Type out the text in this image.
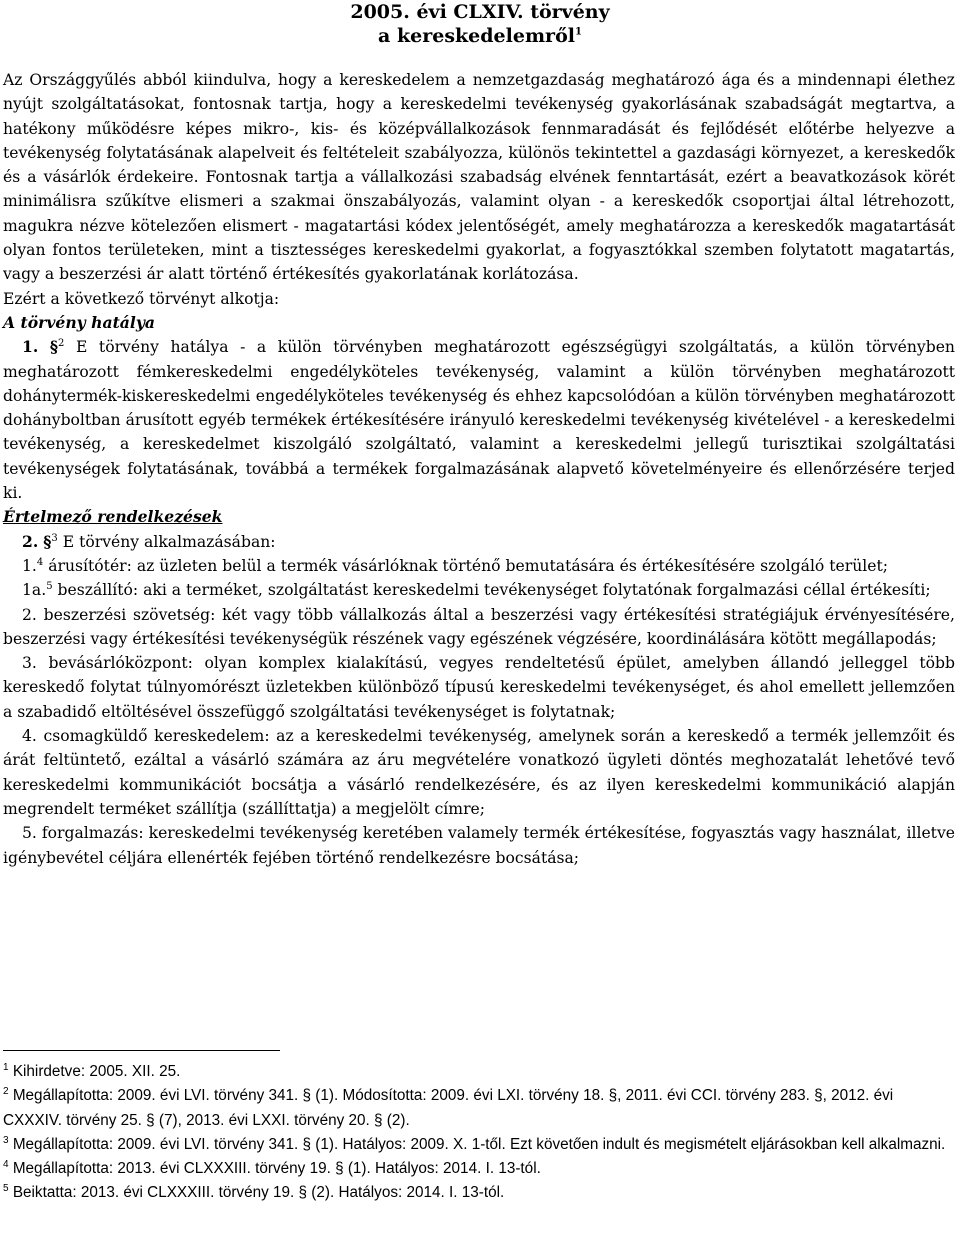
2005. évi CLXIV. törvény
a kereskedelemről$^1$

Az Országgyűlés abból kiindulva, hogy a kereskedelem a nemzetgazdaság meghatározó ága és a mindennapi élethez nyújt szolgáltatásokat, fontosnak tartja, hogy a kereskedelmi tevékenység gyakorlásának szabadságát megtartva, a hatékony működésre képes mikro-, kis- és középvállalkozások fennmaradását és fejlődését előtérbe helyezve a tevékenység folytatásának alapelveit és feltételeit szabályozza, különös tekintettel a gazdasági környezet, a kereskedők és a vásárlók érdekeire. Fontosnak tartja a vállalkozási szabadság elvének fenntartását, ezért a beavatkozások körét minimálisra szűkítve elismeri a szakmai önszabályozás, valamint olyan - a kereskedők csoportjai által létrehozott, magukra nézve kötelezően elismert - magatartási kódex jelentőségét, amely meghatározza a kereskedők magatartását olyan fontos területeken, mint a tisztességes kereskedelmi gyakorlat, a fogyasztókkal szemben folytatott magatartás, vagy a beszerzési ár alatt történő értékesítés gyakorlatának korlátozása.

Ezért a következő törvényt alkotja:

A törvény hatálya

1. §$^2$ E törvény hatálya - a külön törvényben meghatározott egészségügyi szolgáltatás, a külön törvényben meghatározott fémkereskedelmi engedélyköteles tevékenység, valamint a külön törvényben meghatározott dohánytermék-kiskereskedelmi engedélyköteles tevékenység és ehhez kapcsolódóan a külön törvényben meghatározott dohányboltban árusított egyéb termékek értékesítésére irányuló kereskedelmi tevékenység kivételével - a kereskedelmi tevékenység, a kereskedelmet kiszolgáló szolgáltató, valamint a kereskedelmi jellegű turisztikai szolgáltatási tevékenységek folytatásának, továbbá a termékek forgalmazásának alapvető követelményeire és ellenőrzésére terjed ki.

Értelmező rendelkezések

2. §$^3$ E törvény alkalmazásában:

1.$^4$ árusítótér: az üzleten belül a termék vásárlóknak történő bemutatására és értékesítésére szolgáló terület;

1a.$^5$ beszállító: aki a terméket, szolgáltatást kereskedelmi tevékenységet folytatónak forgalmazási céllal értékesíti;

2. beszerzési szövetség: két vagy több vállalkozás által a beszerzési vagy értékesítési stratégiájuk érvényesítésére, beszerzési vagy értékesítési tevékenységük részének vagy egészének végzésére, koordinálására kötött megállapodás;

3. bevásárlóközpont: olyan komplex kialakítású, vegyes rendeltetésű épület, amelyben állandó jelleggel több kereskedő folytat túlnyomórészt üzletekben különböző típusú kereskedelmi tevékenységet, és ahol emellett jellemzően a szabadidő eltöltésével összefüggő szolgáltatási tevékenységet is folytatnak;

4. csomagküldő kereskedelem: az a kereskedelmi tevékenység, amelynek során a kereskedő a termék jellemzőit és árát feltüntető, ezáltal a vásárló számára az áru megvételére vonatkozó ügyleti döntés meghozatalát lehetővé tevő kereskedelmi kommunikációt bocsátja a vásárló rendelkezésére, és az ilyen kereskedelmi kommunikáció alapján megrendelt terméket szállítja (szállíttatja) a megjelölt címre;

5. forgalmazás: kereskedelmi tevékenység keretében valamely termék értékesítése, fogyasztás vagy használat, illetve igénybevétel céljára ellenérték fejében történő rendelkezésre bocsátása;

$^1$ Kihirdetve: 2005. XII. 25.

$^2$ Megállapította: 2009. évi LVI. törvény 341. § (1). Módosította: 2009. évi LXI. törvény 18. §, 2011. évi CCI. törvény 283. §, 2012. évi CXXXIV. törvény 25. § (7), 2013. évi LXXI. törvény 20. § (2).

$^3$ Megállapította: 2009. évi LVI. törvény 341. § (1). Hatályos: 2009. X. 1-től. Ezt követően indult és megismételt eljárásokban kell alkalmazni.

$^4$ Megállapította: 2013. évi CLXXXIII. törvény 19. § (1). Hatályos: 2014. I. 13-tól.

$^5$ Beiktatta: 2013. évi CLXXXIII. törvény 19. § (2). Hatályos: 2014. I. 13-tól.
